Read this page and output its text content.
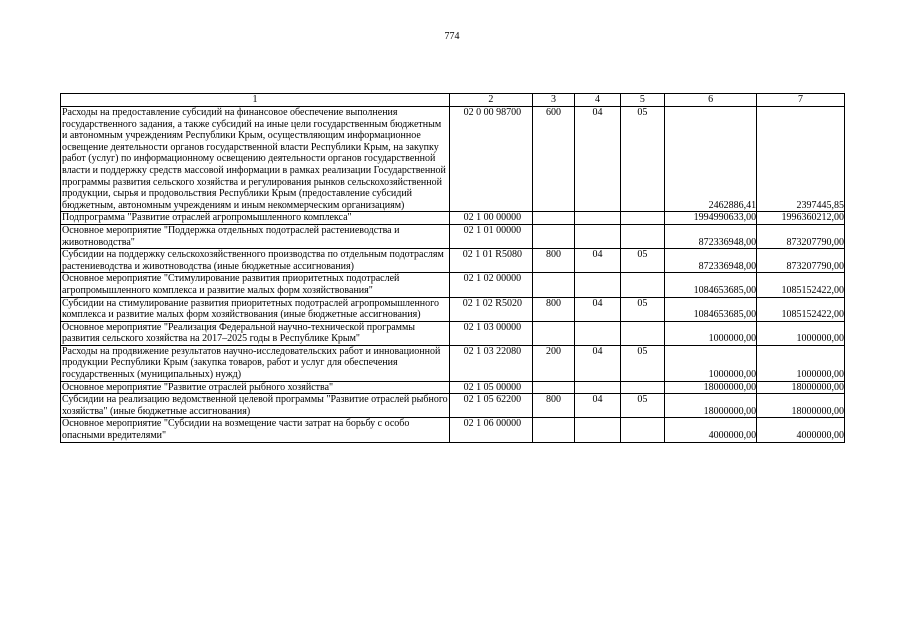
774
1	2	3	4	5	6	7
Расходы на предоставление субсидий на финансовое обеспечение выполнения государственного задания, а также субсидий на иные цели государственным бюджетным и автономным учреждениям Республики Крым, осуществляющим информационное освещение деятельности органов государственной власти Республики Крым, на закупку работ (услуг) по информационному освещению деятельности органов государственной власти и поддержку средств массовой информации в рамках реализации Государственной программы развития сельского хозяйства и регулирования рынков сельскохозяйственной продукции, сырья и продовольствия Республики Крым (предоставление субсидий бюджетным, автономным учреждениям и иным некоммерческим организациям)	02 0 00 98700	600	04	05	2462886,41	2397445,85
Подпрограмма "Развитие отраслей агропромышленного комплекса"	02 1 00 00000				1994990633,00	1996360212,00
Основное мероприятие "Поддержка отдельных подотраслей растениеводства и животноводства"	02 1 01 00000				872336948,00	873207790,00
Субсидии на поддержку сельскохозяйственного производства по отдельным подотраслям растениеводства и животноводства (иные бюджетные ассигнования)	02 1 01 R5080	800	04	05	872336948,00	873207790,00
Основное мероприятие "Стимулирование развития приоритетных подотраслей агропромышленного комплекса и развитие малых форм хозяйствования"	02 1 02 00000				1084653685,00	1085152422,00
Субсидии на стимулирование развития приоритетных подотраслей агропромышленного комплекса и развитие малых форм хозяйствования (иные бюджетные ассигнования)	02 1 02 R5020	800	04	05	1084653685,00	1085152422,00
Основное мероприятие "Реализация Федеральной научно-технической программы развития сельского хозяйства на 2017–2025 годы в Республике Крым"	02 1 03 00000				1000000,00	1000000,00
Расходы на продвижение результатов научно-исследовательских работ и инновационной продукции Республики Крым (закупка товаров, работ и услуг для обеспечения государственных (муниципальных) нужд)	02 1 03 22080	200	04	05	1000000,00	1000000,00
Основное мероприятие "Развитие отраслей рыбного хозяйства"	02 1 05 00000				18000000,00	18000000,00
Субсидии на реализацию ведомственной целевой программы "Развитие отраслей рыбного хозяйства" (иные бюджетные ассигнования)	02 1 05 62200	800	04	05	18000000,00	18000000,00
Основное мероприятие "Субсидии на возмещение части затрат на борьбу с особо опасными вредителями"	02 1 06 00000				4000000,00	4000000,00
